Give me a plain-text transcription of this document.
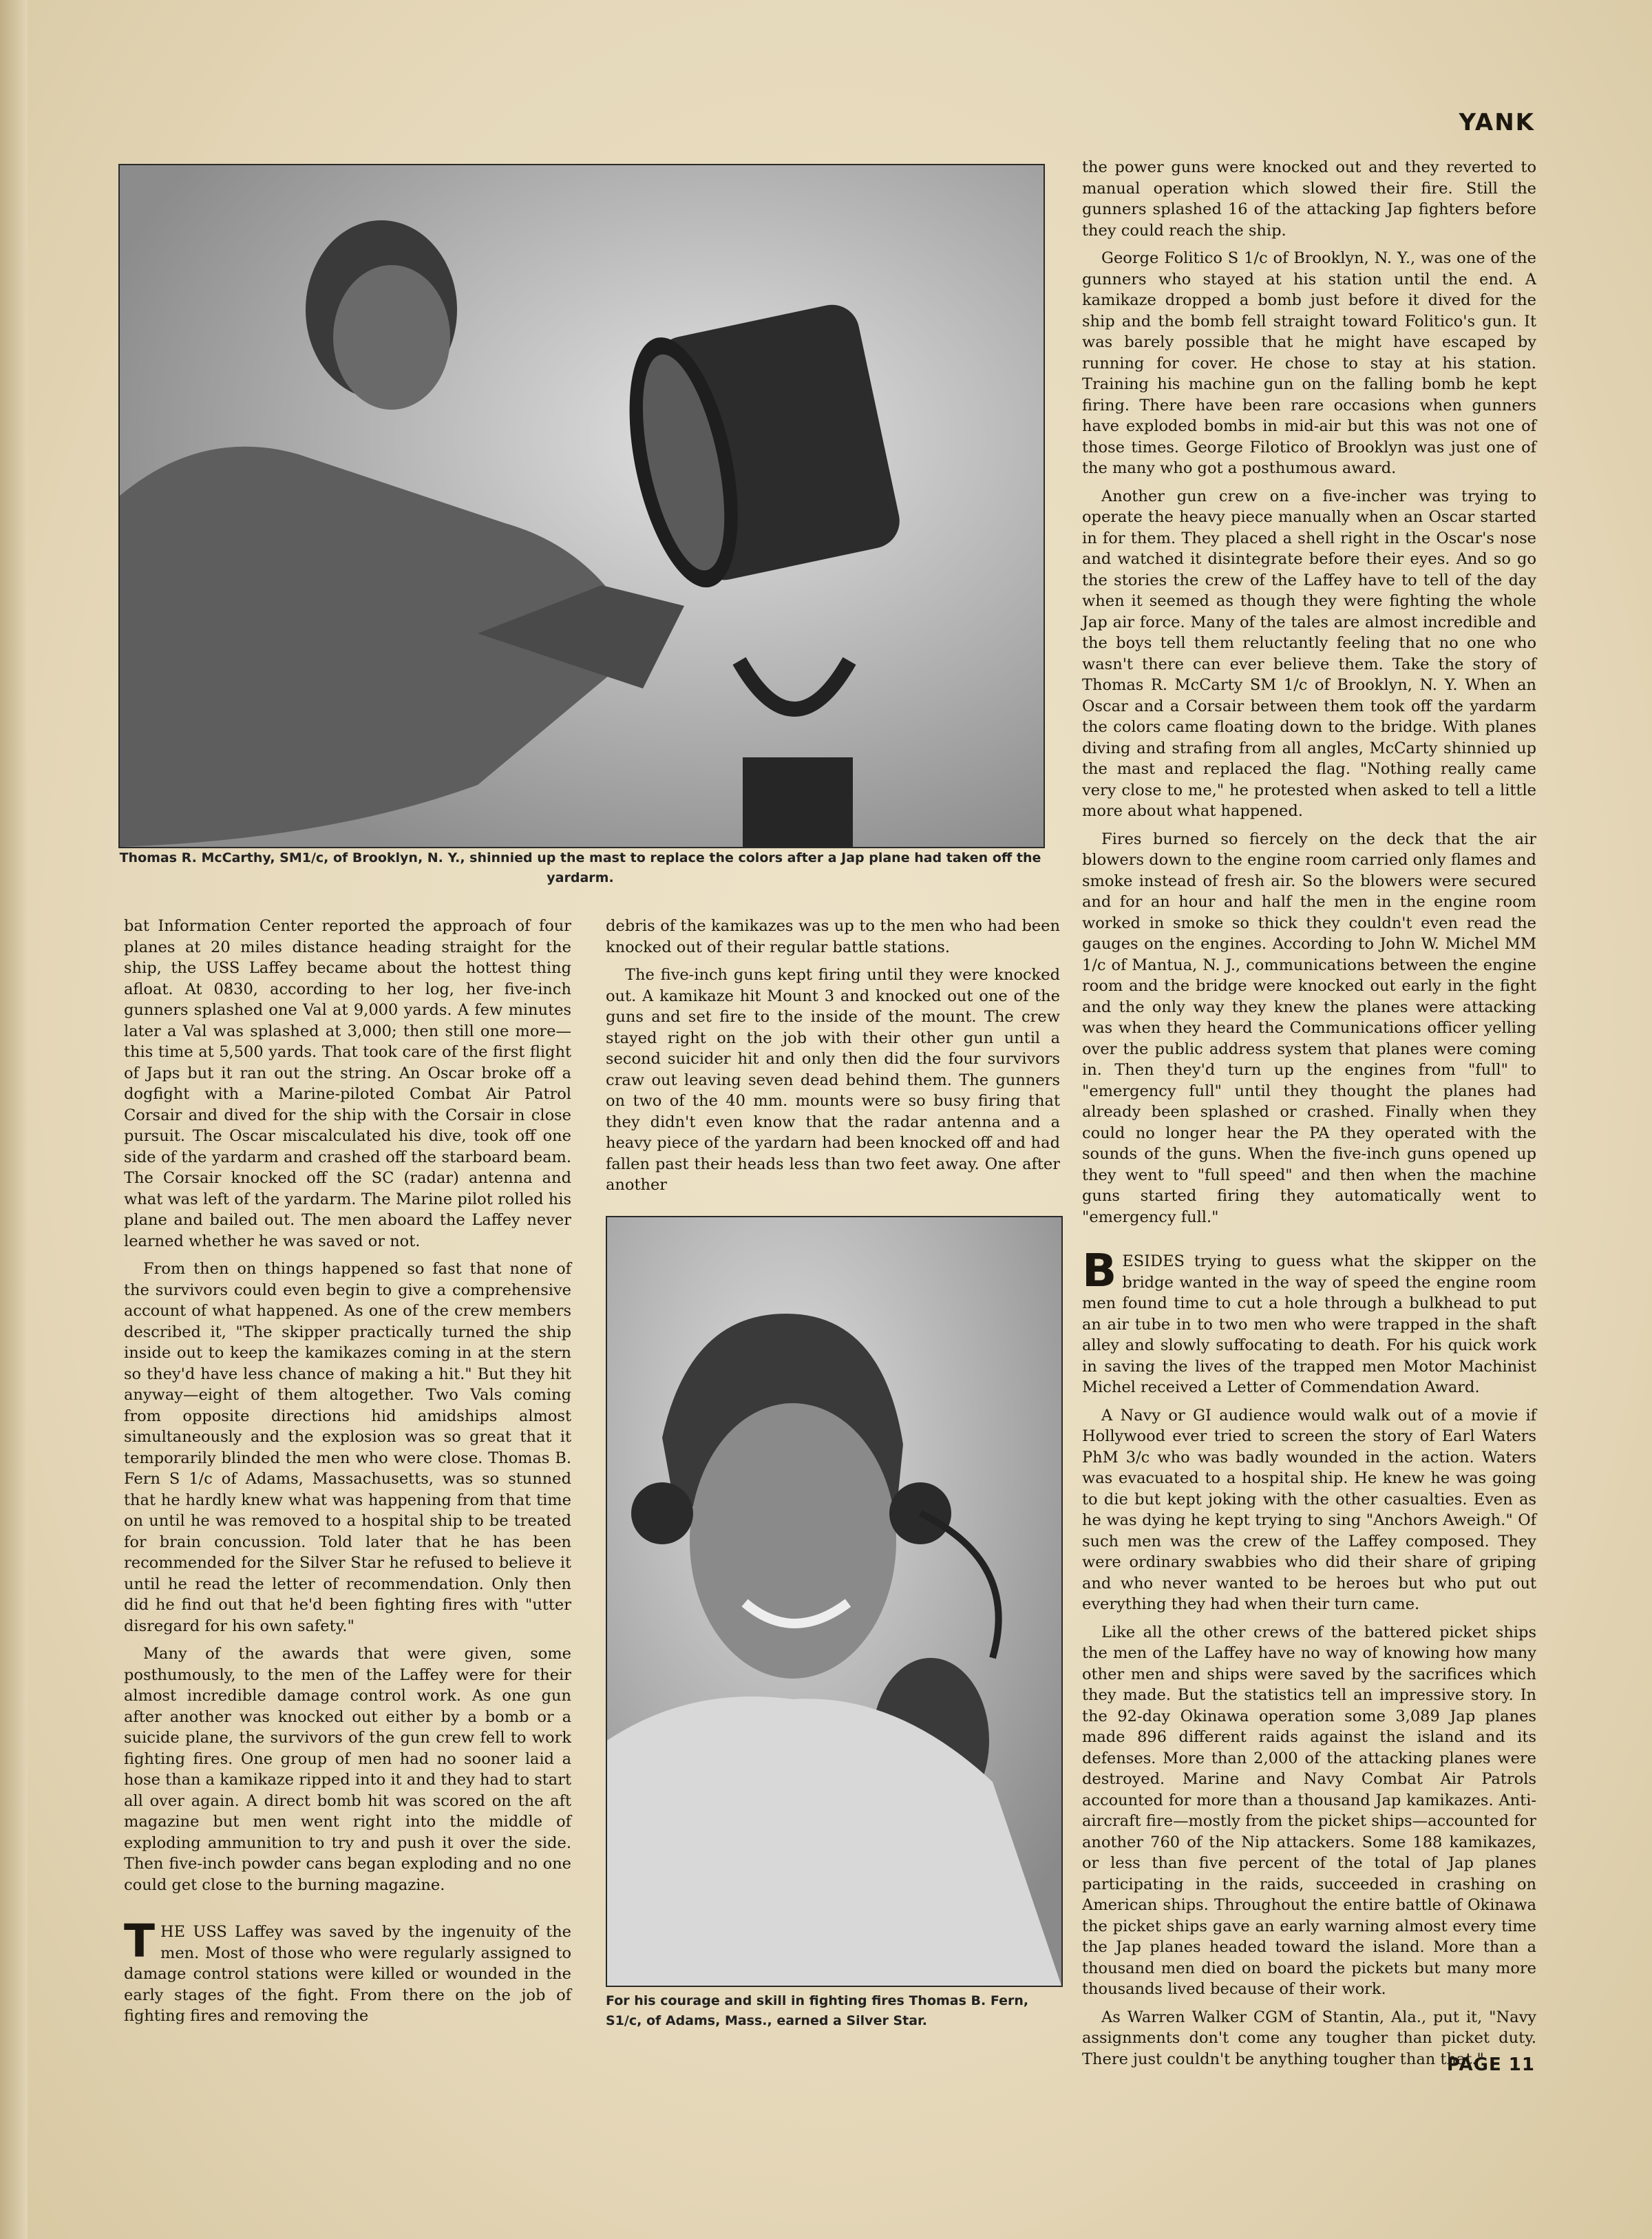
YANK
Thomas R. McCarthy, SM1/c, of Brooklyn, N. Y., shinnied up the mast to replace the colors after a Jap plane had taken off the yardarm.
For his courage and skill in fighting fires Thomas B. Fern, S1/c, of Adams, Mass., earned a Silver Star.

bat Information Center reported the approach of four planes at 20 miles distance heading straight for the ship, the USS Laffey became about the hottest thing afloat. At 0830, according to her log, her five-inch gunners splashed one Val at 9,000 yards. A few minutes later a Val was splashed at 3,000; then still one more—this time at 5,500 yards. That took care of the first flight of Japs but it ran out the string. An Oscar broke off a dogfight with a Marine-piloted Combat Air Patrol Corsair and dived for the ship with the Corsair in close pursuit. The Oscar miscalculated his dive, took off one side of the yardarm and crashed off the starboard beam. The Corsair knocked off the SC (radar) antenna and what was left of the yardarm. The Marine pilot rolled his plane and bailed out. The men aboard the Laffey never learned whether he was saved or not.

From then on things happened so fast that none of the survivors could even begin to give a comprehensive account of what happened. As one of the crew members described it, "The skipper practically turned the ship inside out to keep the kamikazes coming in at the stern so they'd have less chance of making a hit." But they hit anyway—eight of them altogether. Two Vals coming from opposite directions hid amidships almost simultaneously and the explosion was so great that it temporarily blinded the men who were close. Thomas B. Fern S 1/c of Adams, Massachusetts, was so stunned that he hardly knew what was happening from that time on until he was removed to a hospital ship to be treated for brain concussion. Told later that he has been recommended for the Silver Star he refused to believe it until he read the letter of recommendation. Only then did he find out that he'd been fighting fires with "utter disregard for his own safety."

Many of the awards that were given, some posthumously, to the men of the Laffey were for their almost incredible damage control work. As one gun after another was knocked out either by a bomb or a suicide plane, the survivors of the gun crew fell to work fighting fires. One group of men had no sooner laid a hose than a kamikaze ripped into it and they had to start all over again. A direct bomb hit was scored on the aft magazine but men went right into the middle of exploding ammunition to try and push it over the side. Then five-inch powder cans began exploding and no one could get close to the burning magazine.

THE USS Laffey was saved by the ingenuity of the men. Most of those who were regularly assigned to damage control stations were killed or wounded in the early stages of the fight. From there on the job of fighting fires and removing the

debris of the kamikazes was up to the men who had been knocked out of their regular battle stations.

The five-inch guns kept firing until they were knocked out. A kamikaze hit Mount 3 and knocked out one of the guns and set fire to the inside of the mount. The crew stayed right on the job with their other gun until a second suicider hit and only then did the four survivors craw out leaving seven dead behind them. The gunners on two of the 40 mm. mounts were so busy firing that they didn't even know that the radar antenna and a heavy piece of the yardarn had been knocked off and had fallen past their heads less than two feet away. One after another

the power guns were knocked out and they reverted to manual operation which slowed their fire. Still the gunners splashed 16 of the attacking Jap fighters before they could reach the ship.

George Folitico S 1/c of Brooklyn, N. Y., was one of the gunners who stayed at his station until the end. A kamikaze dropped a bomb just before it dived for the ship and the bomb fell straight toward Folitico's gun. It was barely possible that he might have escaped by running for cover. He chose to stay at his station. Training his machine gun on the falling bomb he kept firing. There have been rare occasions when gunners have exploded bombs in mid-air but this was not one of those times. George Filotico of Brooklyn was just one of the many who got a posthumous award.

Another gun crew on a five-incher was trying to operate the heavy piece manually when an Oscar started in for them. They placed a shell right in the Oscar's nose and watched it disintegrate before their eyes. And so go the stories the crew of the Laffey have to tell of the day when it seemed as though they were fighting the whole Jap air force. Many of the tales are almost incredible and the boys tell them reluctantly feeling that no one who wasn't there can ever believe them. Take the story of Thomas R. McCarty SM 1/c of Brooklyn, N. Y. When an Oscar and a Corsair between them took off the yardarm the colors came floating down to the bridge. With planes diving and strafing from all angles, McCarty shinnied up the mast and replaced the flag. "Nothing really came very close to me," he protested when asked to tell a little more about what happened.

Fires burned so fiercely on the deck that the air blowers down to the engine room carried only flames and smoke instead of fresh air. So the blowers were secured and for an hour and half the men in the engine room worked in smoke so thick they couldn't even read the gauges on the engines. According to John W. Michel MM 1/c of Mantua, N. J., communications between the engine room and the bridge were knocked out early in the fight and the only way they knew the planes were attacking was when they heard the Communications officer yelling over the public address system that planes were coming in. Then they'd turn up the engines from "full" to "emergency full" until they thought the planes had already been splashed or crashed. Finally when they could no longer hear the PA they operated with the sounds of the guns. When the five-inch guns opened up they went to "full speed" and then when the machine guns started firing they automatically went to "emergency full."

BESIDES trying to guess what the skipper on the bridge wanted in the way of speed the engine room men found time to cut a hole through a bulkhead to put an air tube in to two men who were trapped in the shaft alley and slowly suffocating to death. For his quick work in saving the lives of the trapped men Motor Machinist Michel received a Letter of Commendation Award.

A Navy or GI audience would walk out of a movie if Hollywood ever tried to screen the story of Earl Waters PhM 3/c who was badly wounded in the action. Waters was evacuated to a hospital ship. He knew he was going to die but kept joking with the other casualties. Even as he was dying he kept trying to sing "Anchors Aweigh." Of such men was the crew of the Laffey composed. They were ordinary swabbies who did their share of griping and who never wanted to be heroes but who put out everything they had when their turn came.

Like all the other crews of the battered picket ships the men of the Laffey have no way of knowing how many other men and ships were saved by the sacrifices which they made. But the statistics tell an impressive story. In the 92-day Okinawa operation some 3,089 Jap planes made 896 different raids against the island and its defenses. More than 2,000 of the attacking planes were destroyed. Marine and Navy Combat Air Patrols accounted for more than a thousand Jap kamikazes. Anti-aircraft fire—mostly from the picket ships—accounted for another 760 of the Nip attackers. Some 188 kamikazes, or less than five percent of the total of Jap planes participating in the raids, succeeded in crashing on American ships. Throughout the entire battle of Okinawa the picket ships gave an early warning almost every time the Jap planes headed toward the island. More than a thousand men died on board the pickets but many more thousands lived because of their work.

As Warren Walker CGM of Stantin, Ala., put it, "Navy assignments don't come any tougher than picket duty. There just couldn't be anything tougher than that."

PAGE 11
